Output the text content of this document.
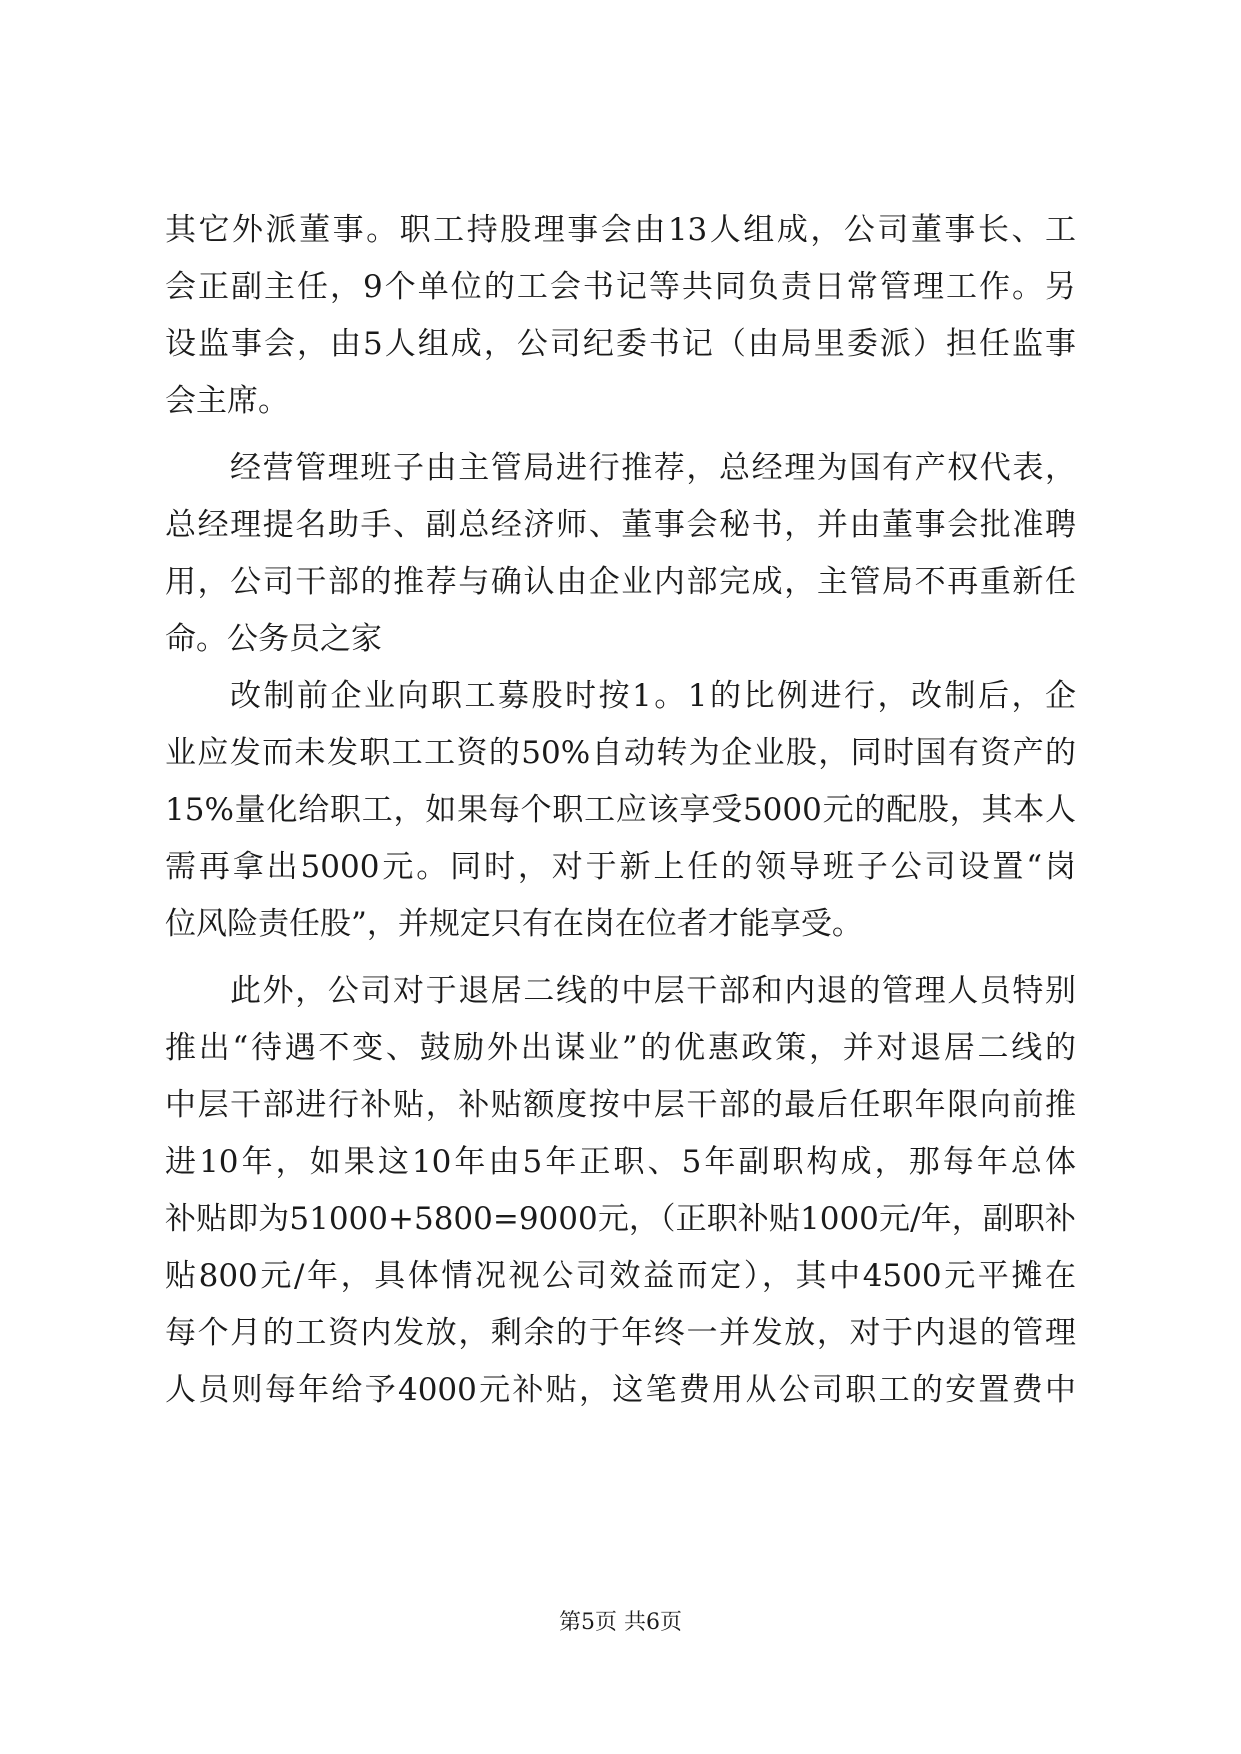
其它外派董事。职工持股理事会由13人组成，公司董事长、工
会正副主任，9个单位的工会书记等共同负责日常管理工作。另
设监事会，由5人组成，公司纪委书记（由局里委派）担任监事
会主席。
经营管理班子由主管局进行推荐，总经理为国有产权代表，
总经理提名助手、副总经济师、董事会秘书，并由董事会批准聘
用，公司干部的推荐与确认由企业内部完成，主管局不再重新任
命。公务员之家
改制前企业向职工募股时按1。1的比例进行，改制后，企
业应发而未发职工工资的50%自动转为企业股，同时国有资产的
15%量化给职工，如果每个职工应该享受5000元的配股，其本人
需再拿出5000元。同时，对于新上任的领导班子公司设置“岗
位风险责任股”，并规定只有在岗在位者才能享受。
此外，公司对于退居二线的中层干部和内退的管理人员特别
推出“待遇不变、鼓励外出谋业”的优惠政策，并对退居二线的
中层干部进行补贴，补贴额度按中层干部的最后任职年限向前推
进10年，如果这10年由5年正职、5年副职构成，那每年总体
补贴即为51000+5800=9000元，（正职补贴1000元/年，副职补
贴800元/年，具体情况视公司效益而定），其中4500元平摊在
每个月的工资内发放，剩余的于年终一并发放，对于内退的管理
人员则每年给予4000元补贴，这笔费用从公司职工的安置费中
第5页 共6页
